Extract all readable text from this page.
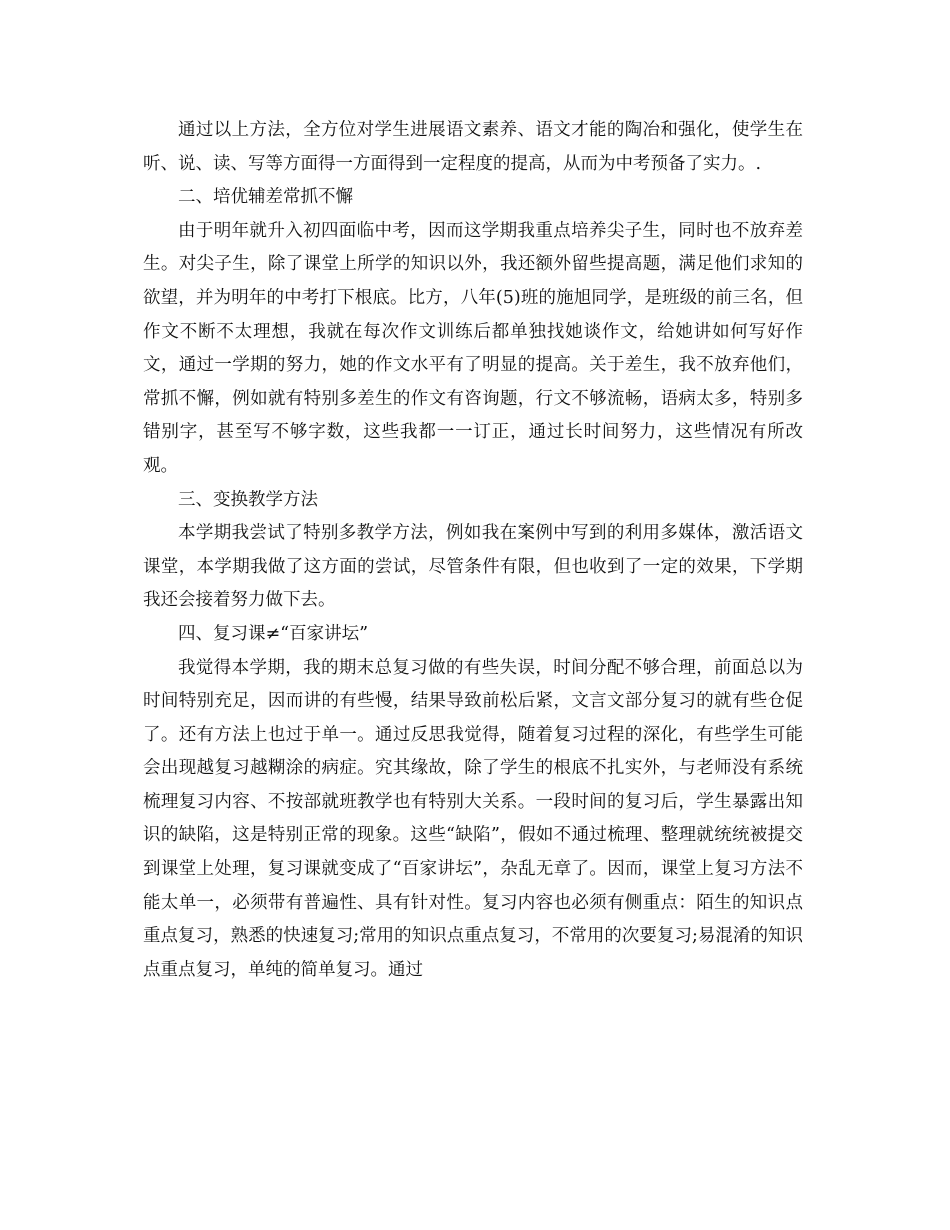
通过以上方法，全方位对学生进展语文素养、语文才能的陶冶和强化，使学生在听、说、读、写等方面得一方面得到一定程度的提高，从而为中考预备了实力。.

二、培优辅差常抓不懈

由于明年就升入初四面临中考，因而这学期我重点培养尖子生，同时也不放弃差生。对尖子生，除了课堂上所学的知识以外，我还额外留些提高题，满足他们求知的欲望，并为明年的中考打下根底。比方，八年(5)班的施旭同学，是班级的前三名，但作文不断不太理想，我就在每次作文训练后都单独找她谈作文，给她讲如何写好作文，通过一学期的努力，她的作文水平有了明显的提高。关于差生，我不放弃他们，常抓不懈，例如就有特别多差生的作文有咨询题，行文不够流畅，语病太多，特别多错别字，甚至写不够字数，这些我都一一订正，通过长时间努力，这些情况有所改观。

三、变换教学方法

本学期我尝试了特别多教学方法，例如我在案例中写到的利用多媒体，激活语文课堂，本学期我做了这方面的尝试，尽管条件有限，但也收到了一定的效果，下学期我还会接着努力做下去。

四、复习课≠“百家讲坛”

我觉得本学期，我的期末总复习做的有些失误，时间分配不够合理，前面总以为时间特别充足，因而讲的有些慢，结果导致前松后紧，文言文部分复习的就有些仓促了。还有方法上也过于单一。通过反思我觉得，随着复习过程的深化，有些学生可能会出现越复习越糊涂的病症。究其缘故，除了学生的根底不扎实外，与老师没有系统梳理复习内容、不按部就班教学也有特别大关系。一段时间的复习后，学生暴露出知识的缺陷，这是特别正常的现象。这些“缺陷”，假如不通过梳理、整理就统统被提交到课堂上处理，复习课就变成了“百家讲坛”，杂乱无章了。因而，课堂上复习方法不能太单一，必须带有普遍性、具有针对性。复习内容也必须有侧重点：陌生的知识点重点复习，熟悉的快速复习;常用的知识点重点复习，不常用的次要复习;易混淆的知识点重点复习，单纯的简单复习。通过
